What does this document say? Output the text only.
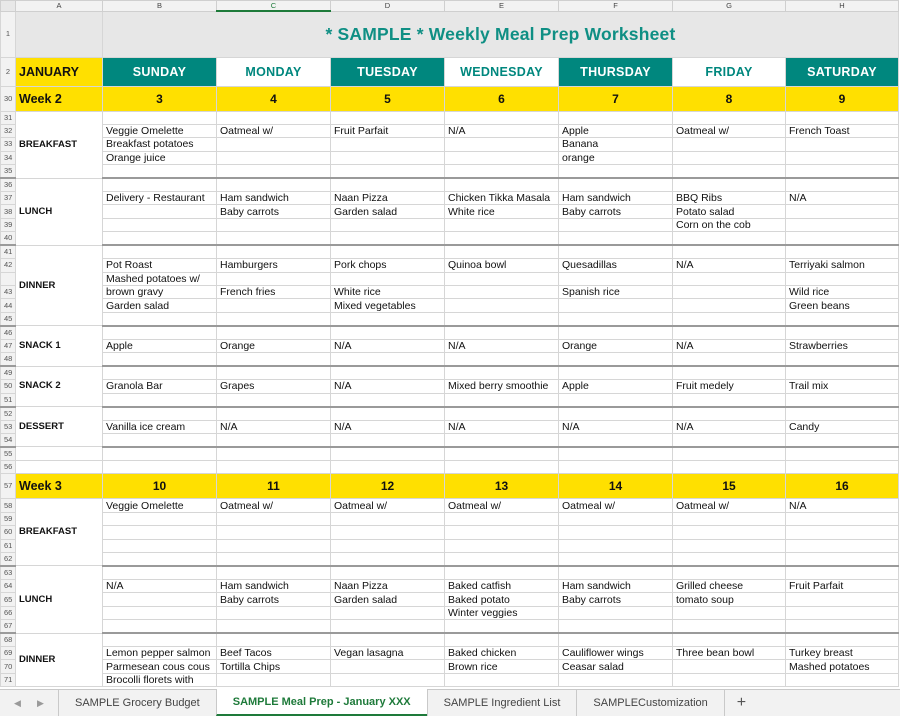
	A	B	C	D	E	F	G	H
1		* SAMPLE * Weekly Meal Prep Worksheet						
2	JANUARY	SUNDAY	MONDAY	TUESDAY	WEDNESDAY	THURSDAY	FRIDAY	SATURDAY
30	Week 2	3	4	5	6	7	8	9
31	BREAKFAST							
32		Veggie Omelette	Oatmeal w/	Fruit Parfait	N/A	Apple	Oatmeal w/	French Toast
33		Breakfast potatoes				Banana		
34		Orange juice				orange		
35								
36	LUNCH							
37		Delivery - Restaurant	Ham sandwich	Naan Pizza	Chicken Tikka Masala	Ham sandwich	BBQ Ribs	N/A
38			Baby carrots	Garden salad	White rice	Baby carrots	Potato salad	
39							Corn on the cob	
40								
41	DINNER							
42		Pot Roast	Hamburgers	Pork chops	Quinoa bowl	Quesadillas	N/A	Terriyaki salmon
		Mashed potatoes w/						
43		brown gravy	French fries	White rice		Spanish rice		Wild rice
44		Garden salad		Mixed vegetables				Green beans
45								
46	SNACK 1							
47		Apple	Orange	N/A	N/A	Orange	N/A	Strawberries
48								
49	SNACK 2							
50		Granola Bar	Grapes	N/A	Mixed berry smoothie	Apple	Fruit medely	Trail mix
51								
52	DESSERT							
53		Vanilla ice cream	N/A	N/A	N/A	N/A	N/A	Candy
54								
55								
56								
57	Week 3	10	11	12	13	14	15	16
58	BREAKFAST	Veggie Omelette	Oatmeal w/	Oatmeal w/	Oatmeal w/	Oatmeal w/	Oatmeal w/	N/A
59								
60								
61								
62								
63	LUNCH							
64		N/A	Ham sandwich	Naan Pizza	Baked catfish	Ham sandwich	Grilled cheese	Fruit Parfait
65			Baby carrots	Garden salad	Baked potato	Baby carrots	tomato soup	
66					Winter veggies			
67								
68	DINNER							
69		Lemon pepper salmon	Beef Tacos	Vegan lasagna	Baked chicken	Cauliflower wings	Three bean bowl	Turkey breast
70		Parmesean cous cous	Tortilla Chips		Brown rice	Ceasar salad		Mashed potatoes
71		Brocolli florets with						
◀ ▶	SAMPLE Grocery Budget	SAMPLE Meal Prep - January XXX	SAMPLE Ingredient List	SAMPLECustomization	+
